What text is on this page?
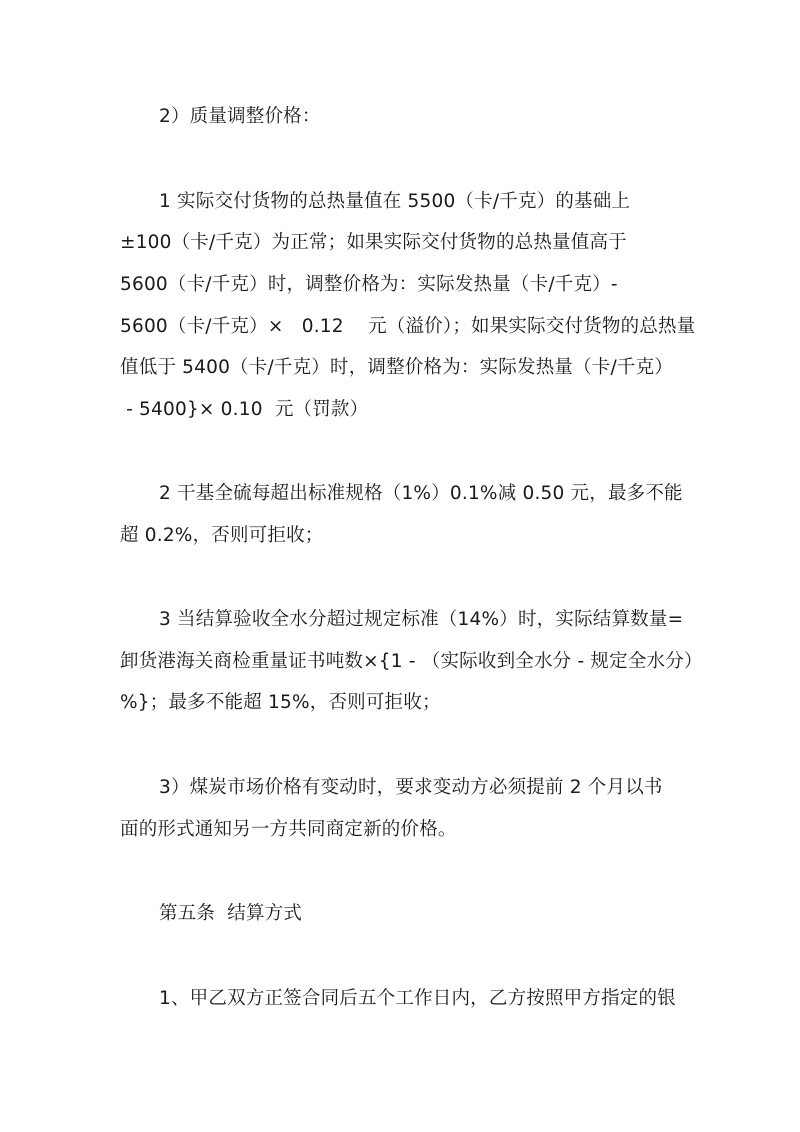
2）质量调整价格：
1 实际交付货物的总热量值在 5500（卡/千克）的基础上
±100（卡/千克）为正常；如果实际交付货物的总热量值高于
5600（卡/千克）时，调整价格为：实际发热量（卡/千克）-
5600（卡/千克）×   0.12    元（溢价）；如果实际交付货物的总热量
值低于 5400（卡/千克）时，调整价格为：实际发热量（卡/千克）
- 5400}× 0.10  元（罚款）
2 干基全硫每超出标准规格（1%）0.1%减 0.50 元，最多不能
超 0.2%，否则可拒收；
3 当结算验收全水分超过规定标准（14%）时，实际结算数量=
卸货港海关商检重量证书吨数×{1 - （实际收到全水分 - 规定全水分）
%}；最多不能超 15%，否则可拒收；
3）煤炭市场价格有变动时，要求变动方必须提前 2 个月以书
面的形式通知另一方共同商定新的价格。
第五条  结算方式
1、甲乙双方正签合同后五个工作日内，乙方按照甲方指定的银
